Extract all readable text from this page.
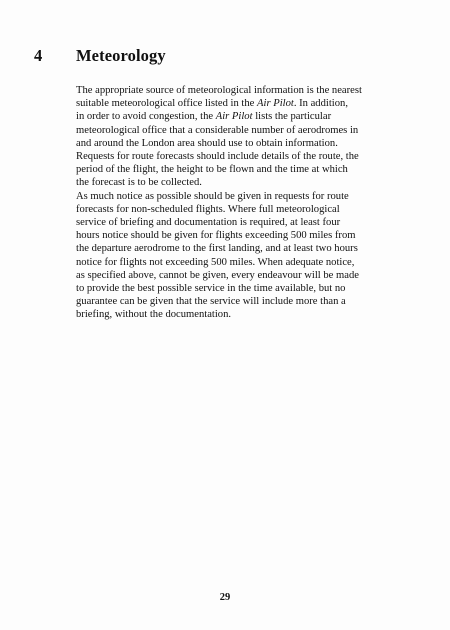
4 Meteorology
The appropriate source of meteorological information is the nearest
suitable meteorological office listed in the Air Pilot. In addition,
in order to avoid congestion, the Air Pilot lists the particular
meteorological office that a considerable number of aerodromes in
and around the London area should use to obtain information.
Requests for route forecasts should include details of the route, the
period of the flight, the height to be flown and the time at which
the forecast is to be collected.
As much notice as possible should be given in requests for route
forecasts for non-scheduled flights. Where full meteorological
service of briefing and documentation is required, at least four
hours notice should be given for flights exceeding 500 miles from
the departure aerodrome to the first landing, and at least two hours
notice for flights not exceeding 500 miles. When adequate notice,
as specified above, cannot be given, every endeavour will be made
to provide the best possible service in the time available, but no
guarantee can be given that the service will include more than a
briefing, without the documentation.
29
